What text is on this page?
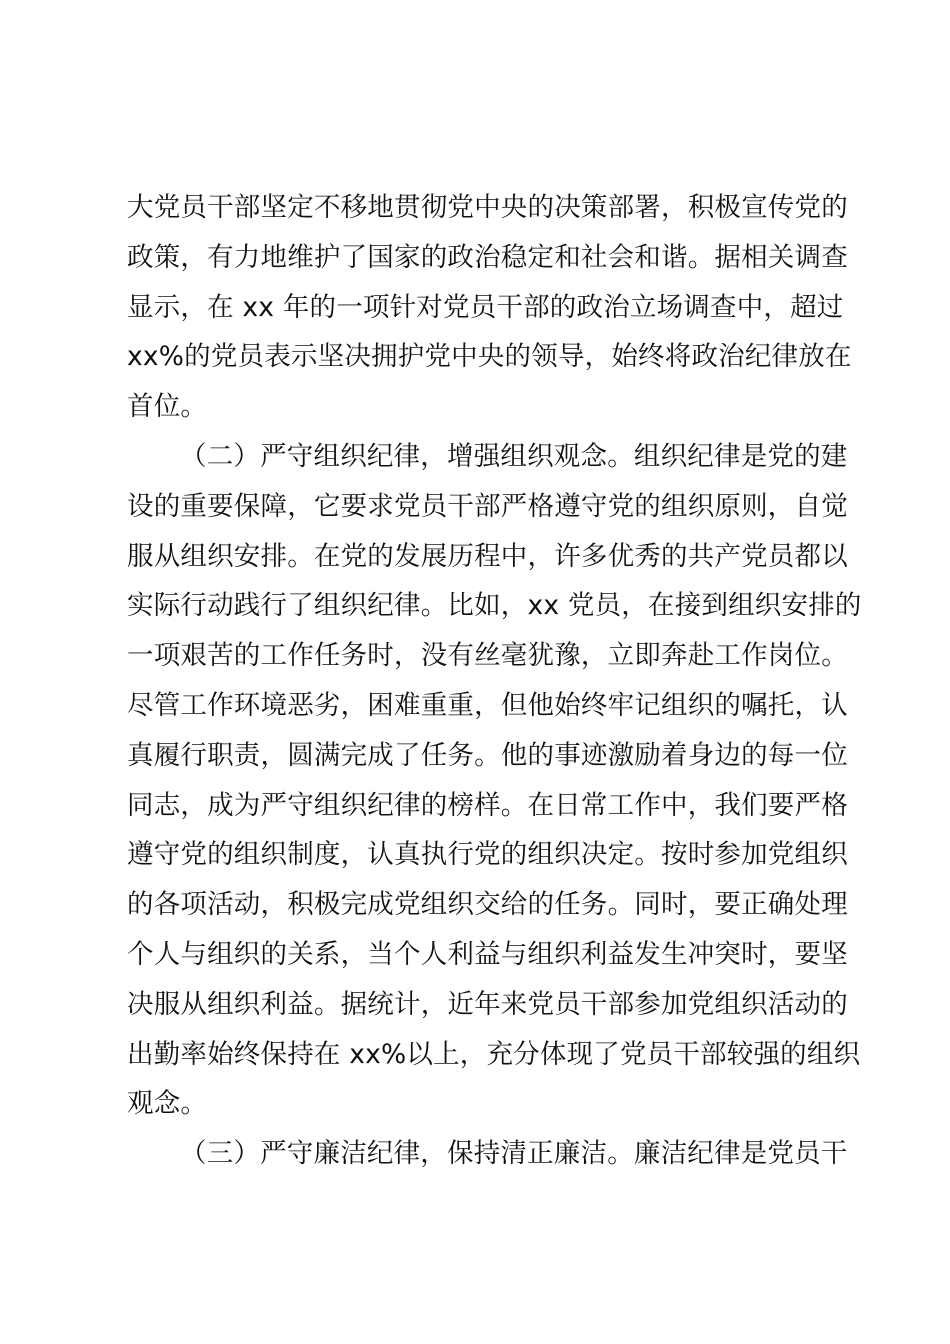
大党员干部坚定不移地贯彻党中央的决策部署，积极宣传党的
政策，有力地维护了国家的政治稳定和社会和谐。据相关调查
显示，在 xx 年的一项针对党员干部的政治立场调查中，超过
xx%的党员表示坚决拥护党中央的领导，始终将政治纪律放在
首位。
（二）严守组织纪律，增强组织观念。组织纪律是党的建
设的重要保障，它要求党员干部严格遵守党的组织原则，自觉
服从组织安排。在党的发展历程中，许多优秀的共产党员都以
实际行动践行了组织纪律。比如，xx 党员，在接到组织安排的
一项艰苦的工作任务时，没有丝毫犹豫，立即奔赴工作岗位。
尽管工作环境恶劣，困难重重，但他始终牢记组织的嘱托，认
真履行职责，圆满完成了任务。他的事迹激励着身边的每一位
同志，成为严守组织纪律的榜样。在日常工作中，我们要严格
遵守党的组织制度，认真执行党的组织决定。按时参加党组织
的各项活动，积极完成党组织交给的任务。同时，要正确处理
个人与组织的关系，当个人利益与组织利益发生冲突时，要坚
决服从组织利益。据统计，近年来党员干部参加党组织活动的
出勤率始终保持在 xx%以上，充分体现了党员干部较强的组织
观念。
（三）严守廉洁纪律，保持清正廉洁。廉洁纪律是党员干
